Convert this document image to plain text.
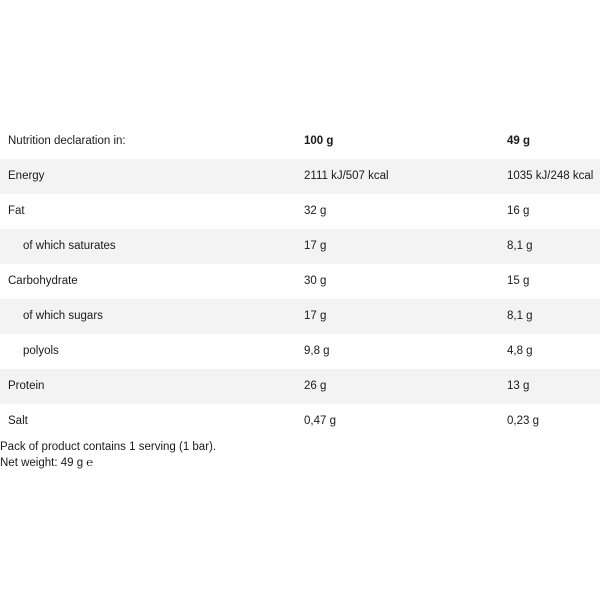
Nutrition declaration in:	100 g	49 g
Energy	2111 kJ/507 kcal	1035 kJ/248 kcal
Fat	32 g	16 g
of which saturates	17 g	8,1 g
Carbohydrate	30 g	15 g
of which sugars	17 g	8,1 g
polyols	9,8 g	4,8 g
Protein	26 g	13 g
Salt	0,47 g	0,23 g
Pack of product contains 1 serving (1 bar).
Net weight: 49 g ℮
